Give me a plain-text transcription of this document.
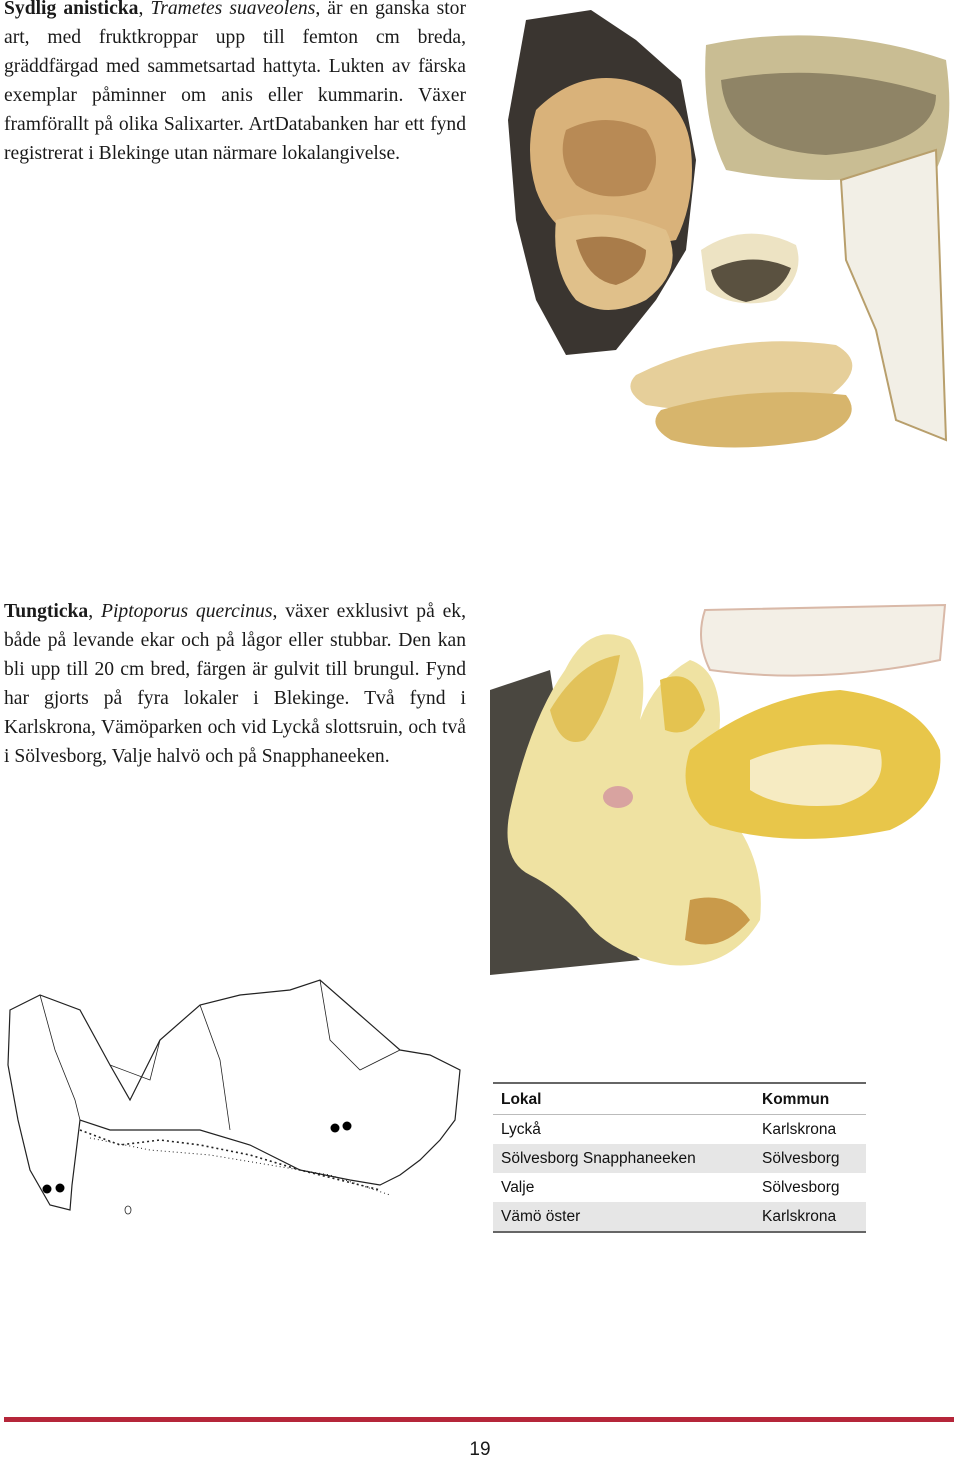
Sydlig anisticka, Trametes suaveolens, är en ganska stor art, med fruktkroppar upp till femton cm breda, gräddfärgad med sammetsartad hattyta. Lukten av färska exemplar påminner om anis eller kummarin. Växer framförallt på olika Salixarter. ArtDatabanken har ett fynd registrerat i Blekinge utan närmare lokalangivelse.

Tungticka, Piptoporus quercinus, växer exklusivt på ek, både på levande ekar och på lågor eller stubbar. Den kan bli upp till 20 cm bred, färgen är gulvit till brungul. Fynd har gjorts på fyra lokaler i Blekinge. Två fynd i Karlskrona, Vämöparken och vid Lyckå slottsruin, och två i Sölvesborg, Valje halvö och på Snapphaneeken.

Lokal	Kommun
Lyckå	Karlskrona
Sölvesborg Snapphaneeken	Sölvesborg
Valje	Sölvesborg
Vämö öster	Karlskrona
19
